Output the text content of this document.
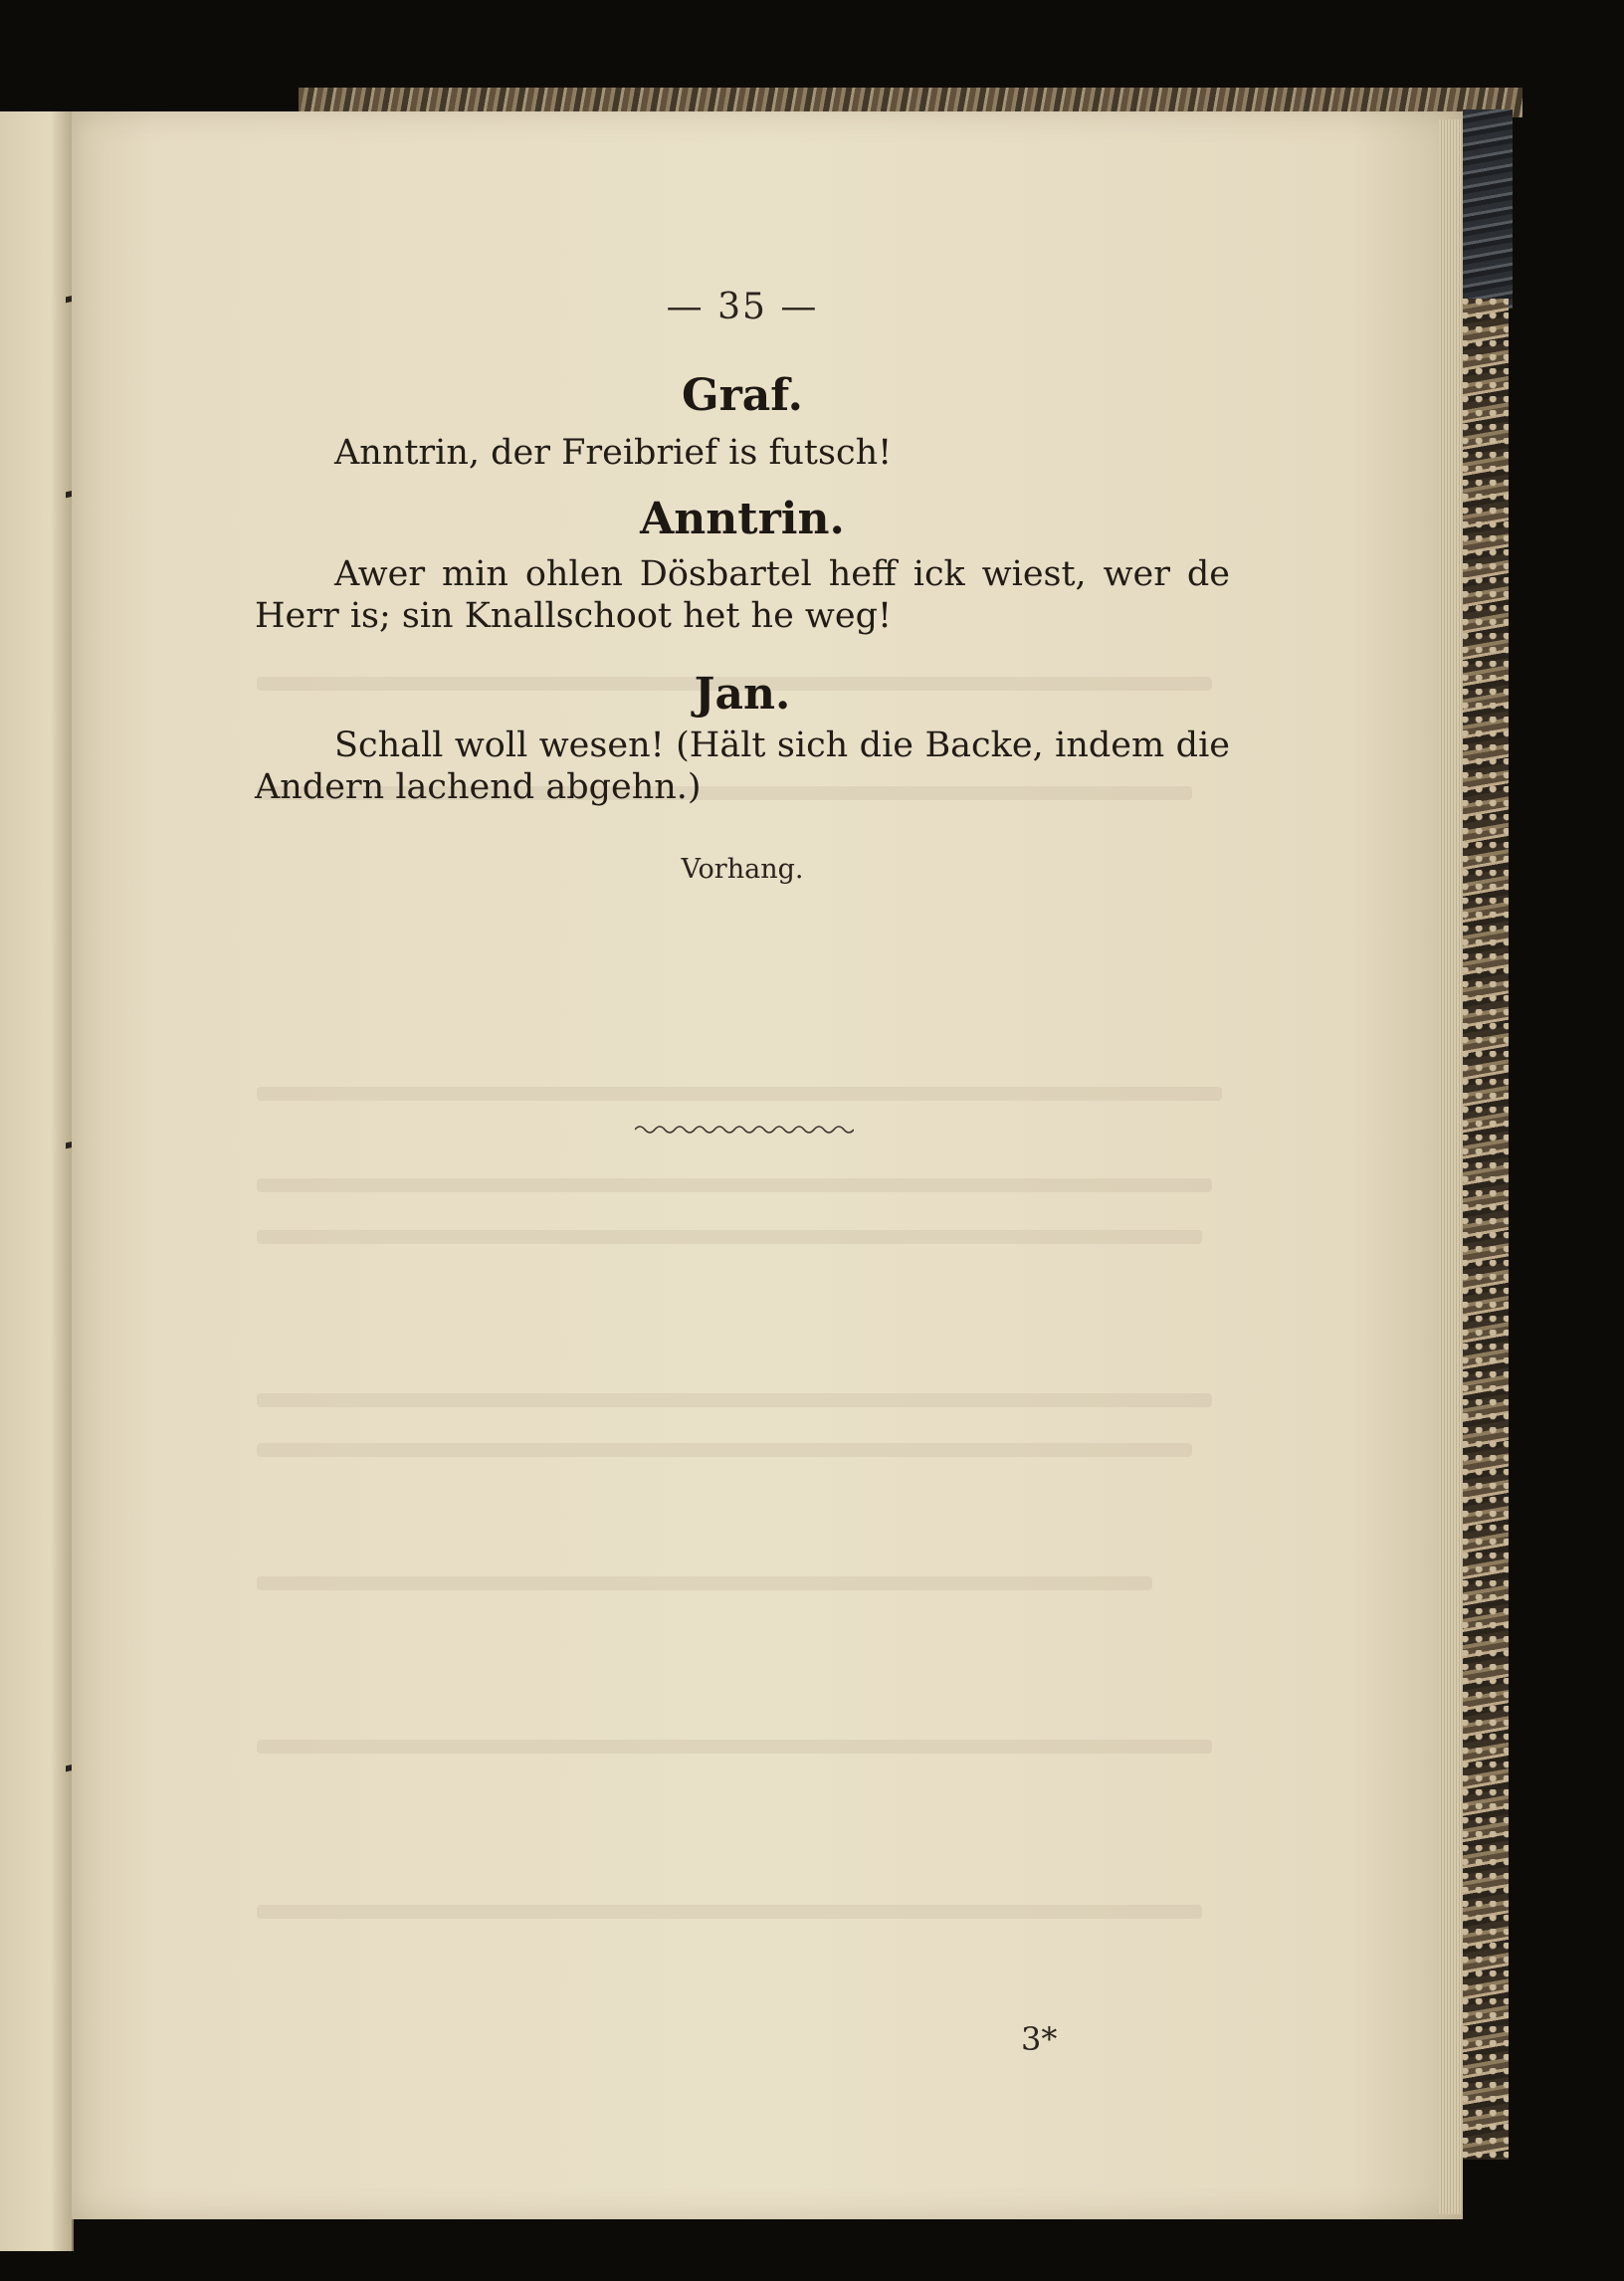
— 35 —
Graf.
Anntrin, der Freibrief is futsch!
Anntrin.
Awer min ohlen Dösbartel heff ick wiest, wer de Herr is; sin Knallschoot het he weg!
Jan.
Schall woll wesen! (Hält sich die Backe, indem die Andern lachend abgehn.)
Vorhang.
3*
